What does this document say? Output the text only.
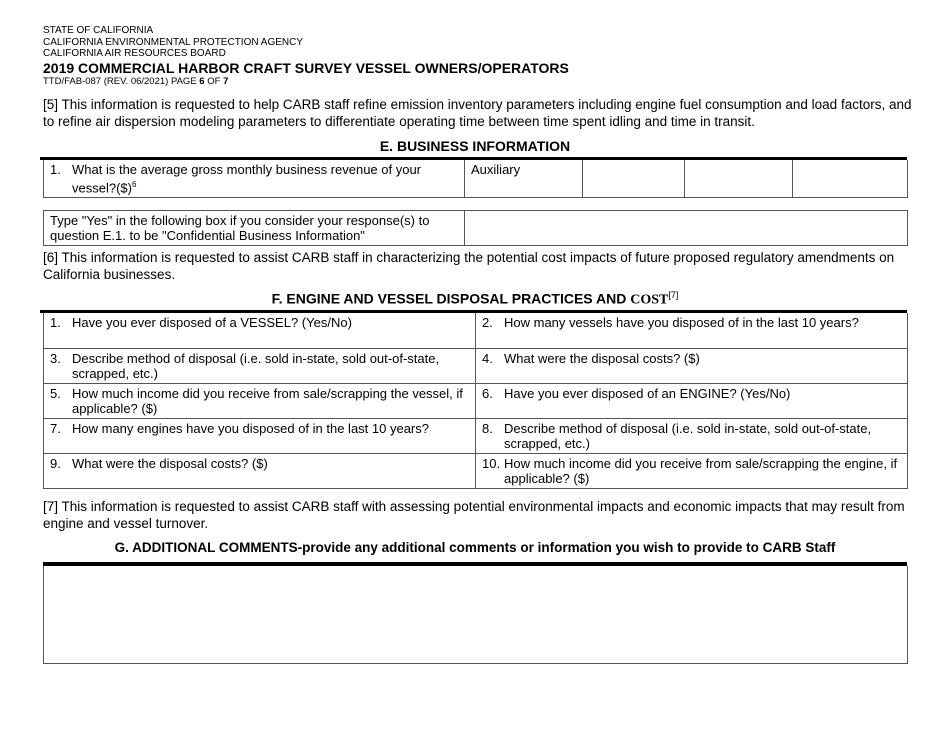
STATE OF CALIFORNIA
CALIFORNIA ENVIRONMENTAL PROTECTION AGENCY
CALIFORNIA AIR RESOURCES BOARD
2019 COMMERCIAL HARBOR CRAFT SURVEY VESSEL OWNERS/OPERATORS
TTD/FAB-087 (REV. 06/2021) PAGE 6 OF 7
[5] This information is requested to help CARB staff refine emission inventory parameters including engine fuel consumption and load factors, and to refine air dispersion modeling parameters to differentiate operating time between time spent idling and time in transit.
E. BUSINESS INFORMATION
1. What is the average gross monthly business revenue of your vessel?($)$^6$
	Auxiliary			
Type "Yes" in the following box if you consider your response(s) to question E.1. to be "Confidential Business Information"	
[6] This information is requested to assist CARB staff in characterizing the potential cost impacts of future proposed regulatory amendments on California businesses.
F. ENGINE AND VESSEL DISPOSAL PRACTICES AND COST[7]
1. Have you ever disposed of a VESSEL? (Yes/No)	2. How many vessels have you disposed of in the last 10 years?

3. Describe method of disposal (i.e. sold in-state, sold out-of-state, scrapped, etc.)	4. What were the disposal costs? ($)

5. How much income did you receive from sale/scrapping the vessel, if applicable? ($)	6. Have you ever disposed of an ENGINE? (Yes/No)

7. How many engines have you disposed of in the last 10 years?	8. Describe method of disposal (i.e. sold in-state, sold out-of-state, scrapped, etc.)

9. What were the disposal costs? ($)	10. How much income did you receive from sale/scrapping the engine, if applicable? ($)
[7] This information is requested to assist CARB staff with assessing potential environmental impacts and economic impacts that may result from engine and vessel turnover.
G. ADDITIONAL COMMENTS-provide any additional comments or information you wish to provide to CARB Staff
